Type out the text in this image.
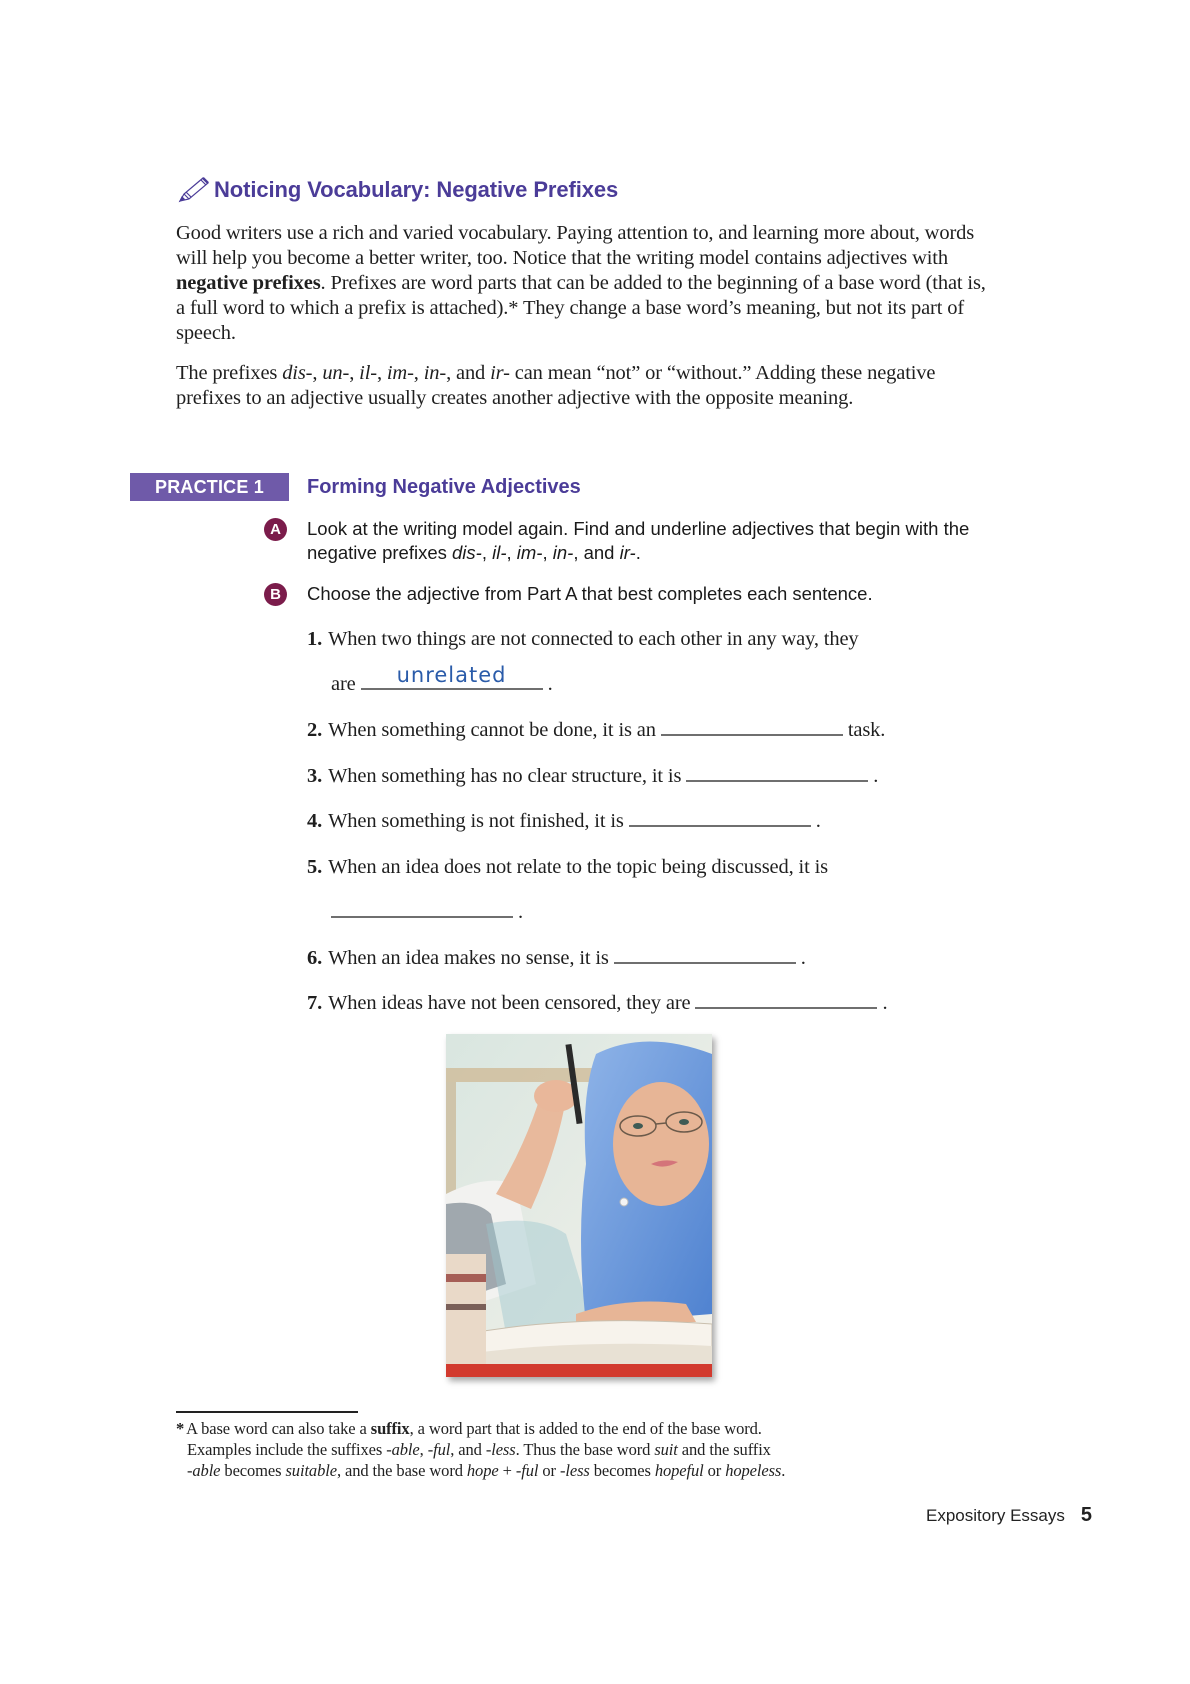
Noticing Vocabulary: Negative Prefixes

Good writers use a rich and varied vocabulary. Paying attention to, and learning more about, words will help you become a better writer, too. Notice that the writing model contains adjectives with negative prefixes. Prefixes are word parts that can be added to the beginning of a base word (that is, a full word to which a prefix is attached).* They change a base word’s meaning, but not its part of speech.

The prefixes dis-, un-, il-, im-, in-, and ir- can mean “not” or “without.” Adding these negative prefixes to an adjective usually creates another adjective with the opposite meaning.

PRACTICE 1	Forming Negative Adjectives
A	Look at the writing model again. Find and underline adjectives that begin with the negative prefixes dis-, il-, im-, in-, and ir-.
B	Choose the adjective from Part A that best completes each sentence.
1. When two things are not connected to each other in any way, they
are unrelated .
2. When something cannot be done, it is an	task.
3. When something has no clear structure, it is	.
4. When something is not finished, it is	.
5. When an idea does not relate to the topic being discussed, it is
.
6. When an idea makes no sense, it is	.
7. When ideas have not been censored, they are	.
* A base word can also take a suffix, a word part that is added to the end of the base word.
Examples include the suffixes -able, -ful, and -less. Thus the base word suit and the suffix
-able becomes suitable, and the base word hope + -ful or -less becomes hopeful or hopeless.
Expository Essays 5
